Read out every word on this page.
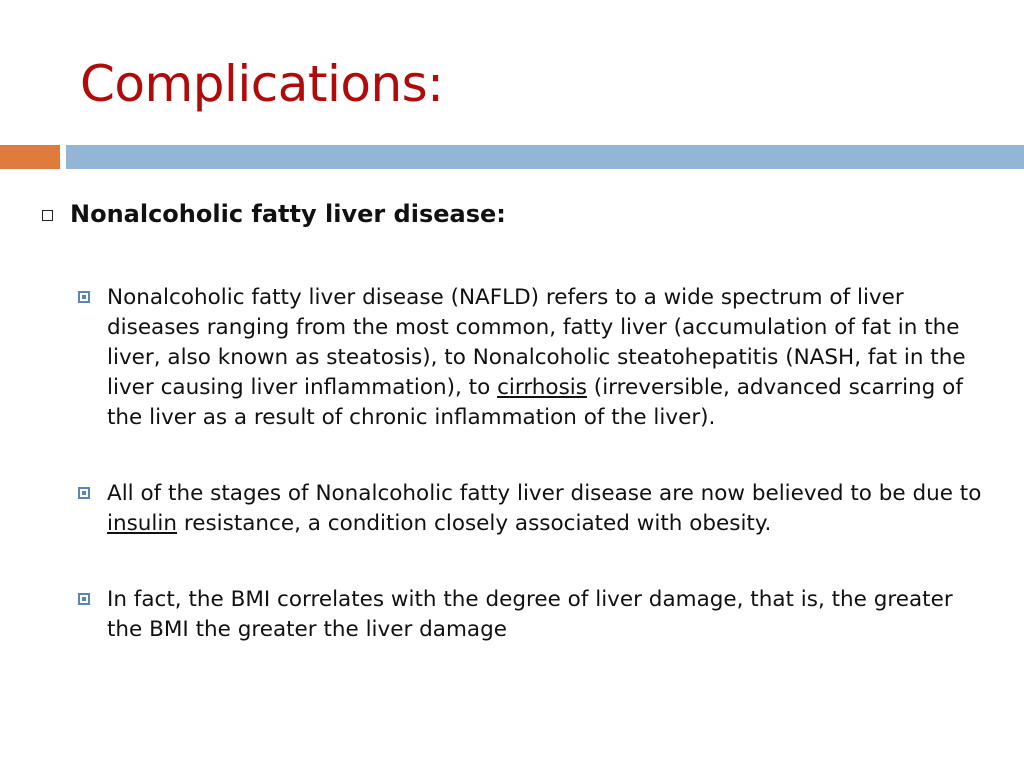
Complications:
Nonalcoholic fatty liver disease:
Nonalcoholic fatty liver disease (NAFLD) refers to a wide spectrum of liver diseases ranging from the most common, fatty liver (accumulation of fat in the liver, also known as steatosis), to Nonalcoholic steatohepatitis (NASH, fat in the liver causing liver inflammation), to cirrhosis (irreversible, advanced scarring of the liver as a result of chronic inflammation of the liver).
All of the stages of Nonalcoholic fatty liver disease are now believed to be due to insulin resistance, a condition closely associated with obesity.
In fact, the BMI correlates with the degree of liver damage, that is, the greater the BMI the greater the liver damage
